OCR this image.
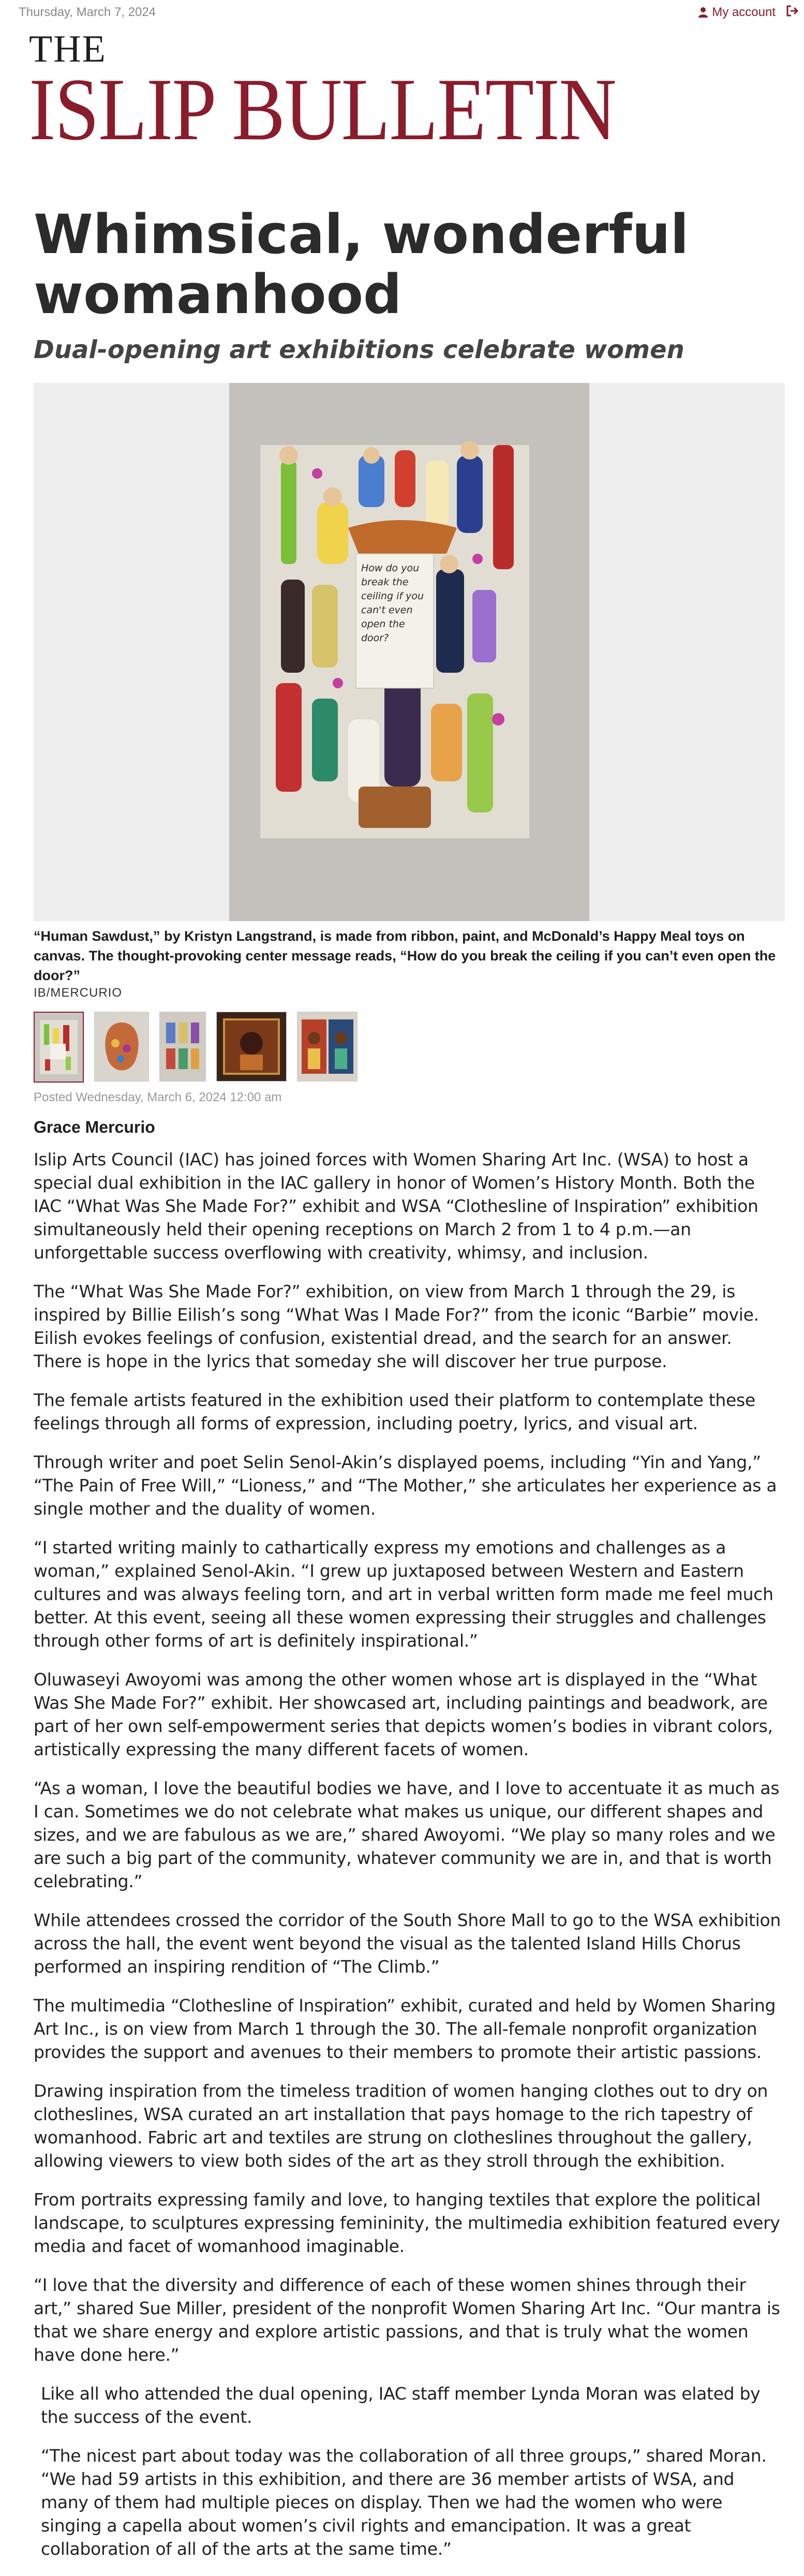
Thursday, March 7, 2024	My account
THE
ISLIP BULLETIN
Whimsical, wonderful womanhood
Dual-opening art exhibitions celebrate women
How do you break the ceiling if you can't even open the door?
“Human Sawdust,” by Kristyn Langstrand, is made from ribbon, paint, and McDonald’s Happy Meal toys on canvas. The thought-provoking center message reads, “How do you break the ceiling if you can’t even open the door?”
IB/MERCURIO
Posted Wednesday, March 6, 2024 12:00 am
Grace Mercurio

Islip Arts Council (IAC) has joined forces with Women Sharing Art Inc. (WSA) to host a special dual exhibition in the IAC gallery in honor of Women’s History Month. Both the IAC “What Was She Made For?” exhibit and WSA “Clothesline of Inspiration” exhibition simultaneously held their opening receptions on March 2 from 1 to 4 p.m.—an unforgettable success overflowing with creativity, whimsy, and inclusion.

The “What Was She Made For?” exhibition, on view from March 1 through the 29, is inspired by Billie Eilish’s song “What Was I Made For?” from the iconic “Barbie” movie. Eilish evokes feelings of confusion, existential dread, and the search for an answer. There is hope in the lyrics that someday she will discover her true purpose.

The female artists featured in the exhibition used their platform to contemplate these feelings through all forms of expression, including poetry, lyrics, and visual art.

Through writer and poet Selin Senol-Akin’s displayed poems, including “Yin and Yang,” “The Pain of Free Will,” “Lioness,” and “The Mother,” she articulates her experience as a single mother and the duality of women.

“I started writing mainly to cathartically express my emotions and challenges as a woman,” explained Senol-Akin. “I grew up juxtaposed between Western and Eastern cultures and was always feeling torn, and art in verbal written form made me feel much better. At this event, seeing all these women expressing their struggles and challenges through other forms of art is definitely inspirational.”

Oluwaseyi Awoyomi was among the other women whose art is displayed in the “What Was She Made For?” exhibit. Her showcased art, including paintings and beadwork, are part of her own self-empowerment series that depicts women’s bodies in vibrant colors, artistically expressing the many different facets of women.

“As a woman, I love the beautiful bodies we have, and I love to accentuate it as much as I can. Sometimes we do not celebrate what makes us unique, our different shapes and sizes, and we are fabulous as we are,” shared Awoyomi. “We play so many roles and we are such a big part of the community, whatever community we are in, and that is worth celebrating.”

While attendees crossed the corridor of the South Shore Mall to go to the WSA exhibition across the hall, the event went beyond the visual as the talented Island Hills Chorus performed an inspiring rendition of “The Climb.”

The multimedia “Clothesline of Inspiration” exhibit, curated and held by Women Sharing Art Inc., is on view from March 1 through the 30. The all-female nonprofit organization provides the support and avenues to their members to promote their artistic passions.

Drawing inspiration from the timeless tradition of women hanging clothes out to dry on clotheslines, WSA curated an art installation that pays homage to the rich tapestry of womanhood. Fabric art and textiles are strung on clotheslines throughout the gallery, allowing viewers to view both sides of the art as they stroll through the exhibition.

From portraits expressing family and love, to hanging textiles that explore the political landscape, to sculptures expressing femininity, the multimedia exhibition featured every media and facet of womanhood imaginable.

“I love that the diversity and difference of each of these women shines through their art,” shared Sue Miller, president of the nonprofit Women Sharing Art Inc. “Our mantra is that we share energy and explore artistic passions, and that is truly what the women have done here.”

Like all who attended the dual opening, IAC staff member Lynda Moran was elated by the success of the event.

“The nicest part about today was the collaboration of all three groups,” shared Moran. “We had 59 artists in this exhibition, and there are 36 member artists of WSA, and many of them had multiple pieces on display. Then we had the women who were singing a capella about women’s civil rights and emancipation. It was a great collaboration of all of the arts at the same time.”
